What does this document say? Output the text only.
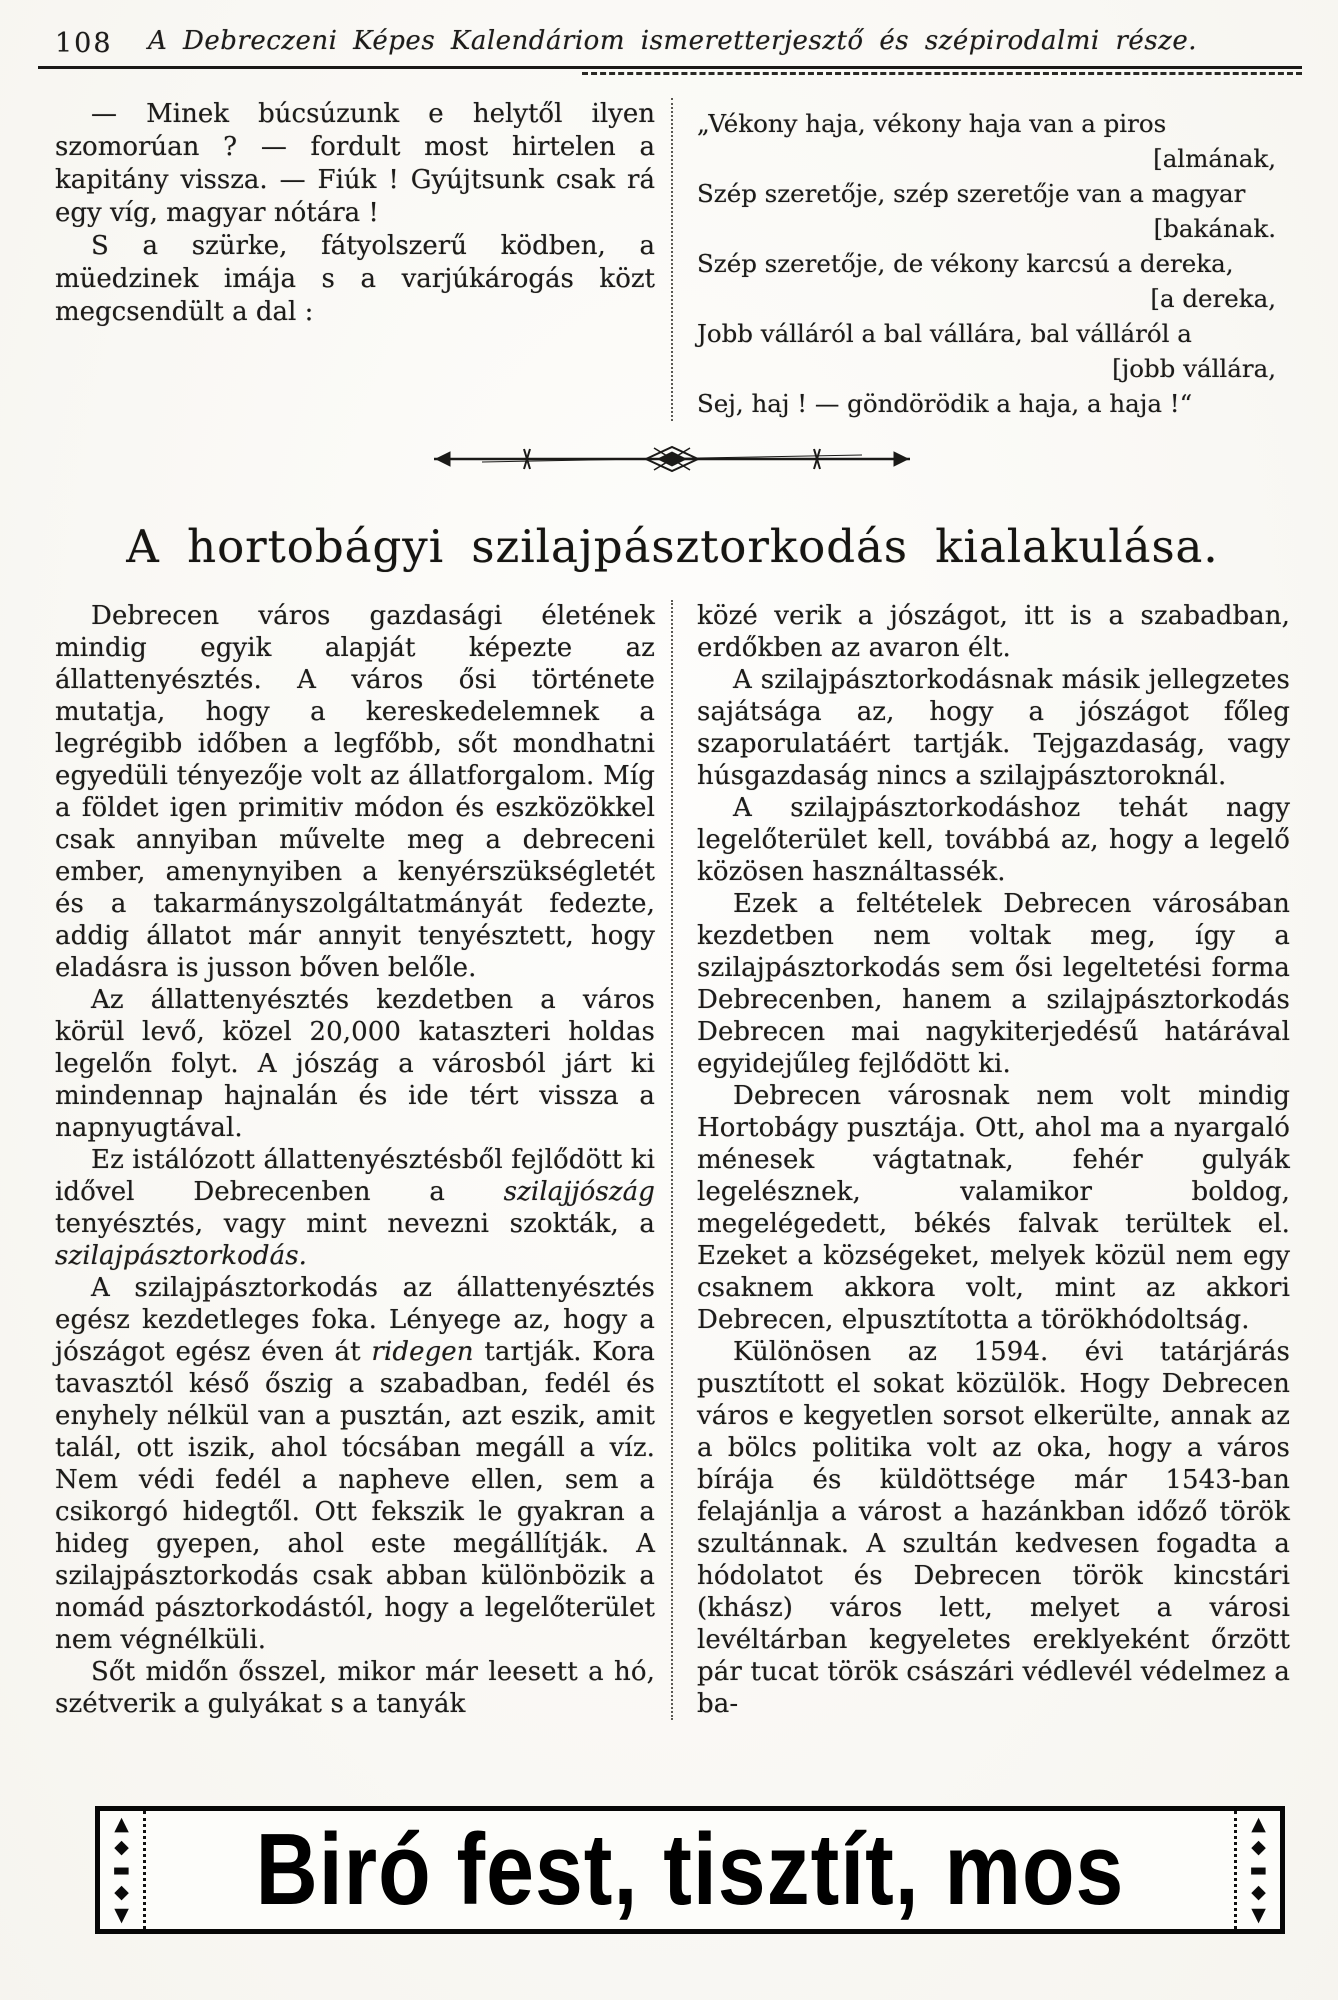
108	A Debreczeni Képes Kalendáriom ismeretterjesztő és szépirodalmi része.

— Minek búcsúzunk e helytől ilyen szomorúan ? — fordult most hirtelen a kapitány vissza. — Fiúk ! Gyújtsunk csak rá egy víg, magyar nótára !

S a szürke, fátyolszerű ködben, a müedzinek imája s a varjúkárogás közt megcsendült a dal :

„Vékony haja, vékony haja van a piros
[almának,
Szép szeretője, szép szeretője van a magyar
[bakának.
Szép szeretője, de vékony karcsú a dereka,
[a dereka,
Jobb válláról a bal vállára, bal válláról a
[jobb vállára,
Sej, haj ! — göndörödik a haja, a haja !“
A hortobágyi szilajpásztorkodás kialakulása.

Debrecen város gazdasági életének mindig egyik alapját képezte az állattenyésztés. A város ősi története mutatja, hogy a kereskedelemnek a legrégibb időben a legfőbb, sőt mondhatni egyedüli tényezője volt az állatforgalom. Míg a földet igen primitiv módon és eszközökkel csak annyiban művelte meg a debreceni ember, amenynyiben a kenyérszükségletét és a takarmányszolgáltatmányát fedezte, addig állatot már annyit tenyésztett, hogy eladásra is jusson bőven belőle.

Az állattenyésztés kezdetben a város körül levő, közel 20,000 kataszteri holdas legelőn folyt. A jószág a városból járt ki mindennap hajnalán és ide tért vissza a napnyugtával.

Ez istálózott állattenyésztésből fejlődött ki idővel Debrecenben a szilajjószág tenyésztés, vagy mint nevezni szokták, a szilajpásztorkodás.

A szilajpásztorkodás az állattenyésztés egész kezdetleges foka. Lényege az, hogy a jószágot egész éven át ridegen tartják. Kora tavasztól késő őszig a szabadban, fedél és enyhely nélkül van a pusztán, azt eszik, amit talál, ott iszik, ahol tócsában megáll a víz. Nem védi fedél a napheve ellen, sem a csikorgó hidegtől. Ott fekszik le gyakran a hideg gyepen, ahol este megállítják. A szilajpásztorkodás csak abban különbözik a nomád pásztorkodástól, hogy a legelőterület nem végnélküli.

Sőt midőn ősszel, mikor már leesett a hó, szétverik a gulyákat s a tanyák

közé verik a jószágot, itt is a szabadban, erdőkben az avaron élt.

A szilajpásztorkodásnak másik jellegzetes sajátsága az, hogy a jószágot főleg szaporulatáért tartják. Tejgazdaság, vagy húsgazdaság nincs a szilajpásztoroknál.

A szilajpásztorkodáshoz tehát nagy legelőterület kell, továbbá az, hogy a legelő közösen használtassék.

Ezek a feltételek Debrecen városában kezdetben nem voltak meg, így a szilajpásztorkodás sem ősi legeltetési forma Debrecenben, hanem a szilajpásztorkodás Debrecen mai nagykiterjedésű határával egyidejűleg fejlődött ki.

Debrecen városnak nem volt mindig Hortobágy pusztája. Ott, ahol ma a nyargaló ménesek vágtatnak, fehér gulyák legelésznek, valamikor boldog, megelégedett, békés falvak terültek el. Ezeket a községeket, melyek közül nem egy csaknem akkora volt, mint az akkori Debrecen, elpusztította a törökhódoltság.

Különösen az 1594. évi tatárjárás pusztított el sokat közülök. Hogy Debrecen város e kegyetlen sorsot elkerülte, annak az a bölcs politika volt az oka, hogy a város bírája és küldöttsége már 1543-ban felajánlja a várost a hazánkban időző török szultánnak. A szultán kedvesen fogadta a hódolatot és Debrecen török kincstári (khász) város lett, melyet a városi levéltárban kegyeletes ereklyeként őrzött pár tucat török császári védlevél védelmez a ba-

▲
◆
▬
◆
▼	Biró fest, tisztít, mos	▲
◆
▬
◆
▼
